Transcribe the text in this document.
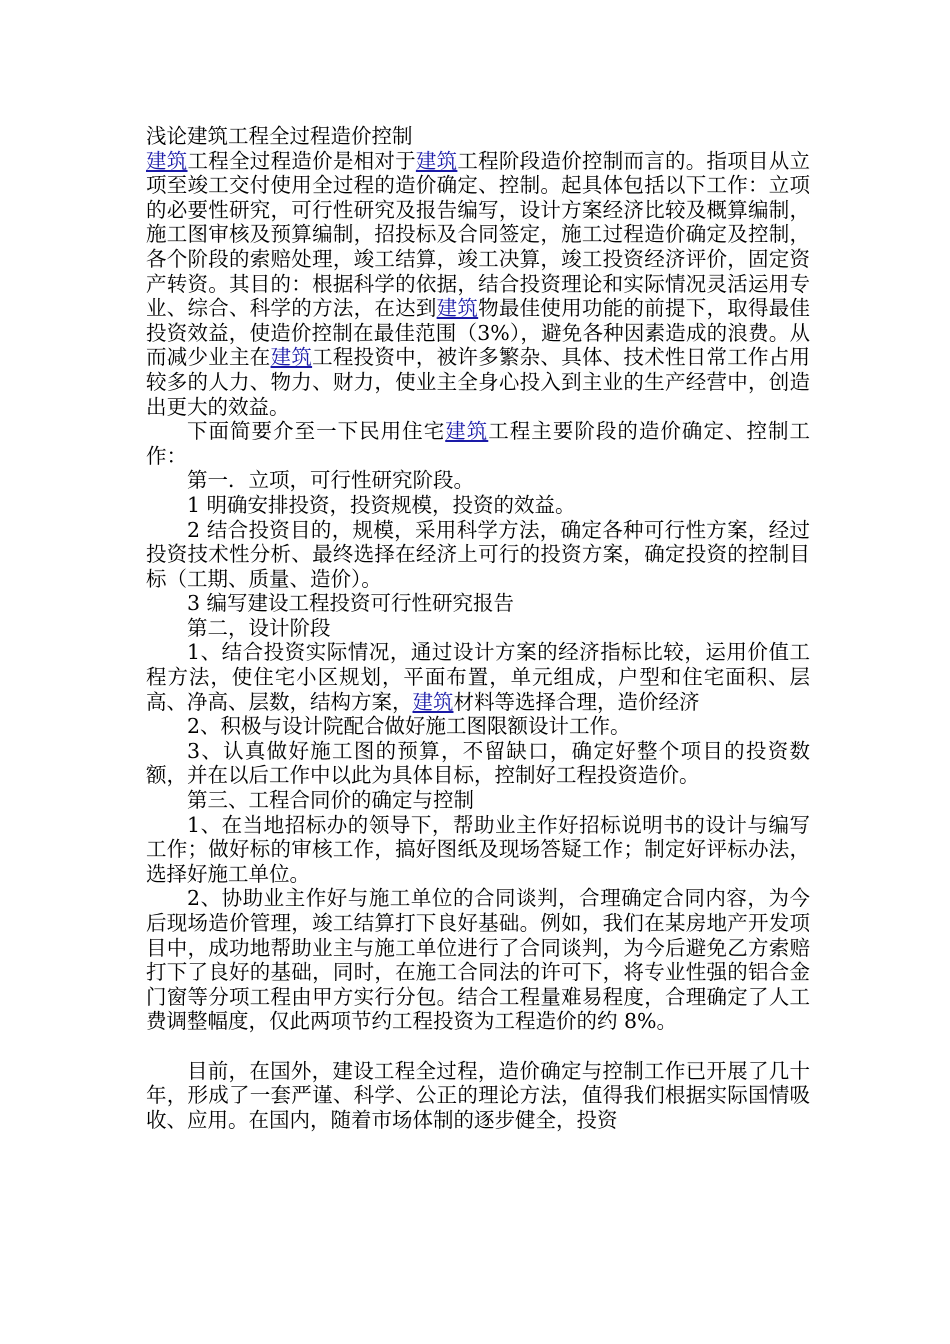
浅论建筑工程全过程造价控制

建筑工程全过程造价是相对于建筑工程阶段造价控制而言的。指项目从立项至竣工交付使用全过程的造价确定、控制。起具体包括以下工作：立项的必要性研究，可行性研究及报告编写，设计方案经济比较及概算编制，施工图审核及预算编制，招投标及合同签定，施工过程造价确定及控制，各个阶段的索赔处理，竣工结算，竣工决算，竣工投资经济评价，固定资产转资。其目的：根据科学的依据，结合投资理论和实际情况灵活运用专业、综合、科学的方法，在达到建筑物最佳使用功能的前提下，取得最佳投资效益，使造价控制在最佳范围（3%），避免各种因素造成的浪费。从而减少业主在建筑工程投资中，被许多繁杂、具体、技术性日常工作占用较多的人力、物力、财力，使业主全身心投入到主业的生产经营中，创造出更大的效益。

下面简要介至一下民用住宅建筑工程主要阶段的造价确定、控制工作：

第一．立项，可行性研究阶段。

1 明确安排投资，投资规模，投资的效益。

2 结合投资目的，规模，采用科学方法，确定各种可行性方案，经过投资技术性分析、最终选择在经济上可行的投资方案，确定投资的控制目标（工期、质量、造价）。

3 编写建设工程投资可行性研究报告

第二，设计阶段

1、结合投资实际情况，通过设计方案的经济指标比较，运用价值工程方法，使住宅小区规划，平面布置，单元组成，户型和住宅面积、层高、净高、层数，结构方案，建筑材料等选择合理，造价经济

2、积极与设计院配合做好施工图限额设计工作。

3、认真做好施工图的预算，不留缺口，确定好整个项目的投资数额，并在以后工作中以此为具体目标，控制好工程投资造价。

第三、工程合同价的确定与控制

1、在当地招标办的领导下，帮助业主作好招标说明书的设计与编写工作；做好标的审核工作，搞好图纸及现场答疑工作；制定好评标办法，选择好施工单位。

2、协助业主作好与施工单位的合同谈判，合理确定合同内容，为今后现场造价管理，竣工结算打下良好基础。例如，我们在某房地产开发项目中，成功地帮助业主与施工单位进行了合同谈判，为今后避免乙方索赔打下了良好的基础，同时，在施工合同法的许可下，将专业性强的铝合金门窗等分项工程由甲方实行分包。结合工程量难易程度，合理确定了人工费调整幅度，仅此两项节约工程投资为工程造价的约 8%。

目前，在国外，建设工程全过程，造价确定与控制工作已开展了几十年，形成了一套严谨、科学、公正的理论方法，值得我们根据实际国情吸收、应用。在国内，随着市场体制的逐步健全，投资
